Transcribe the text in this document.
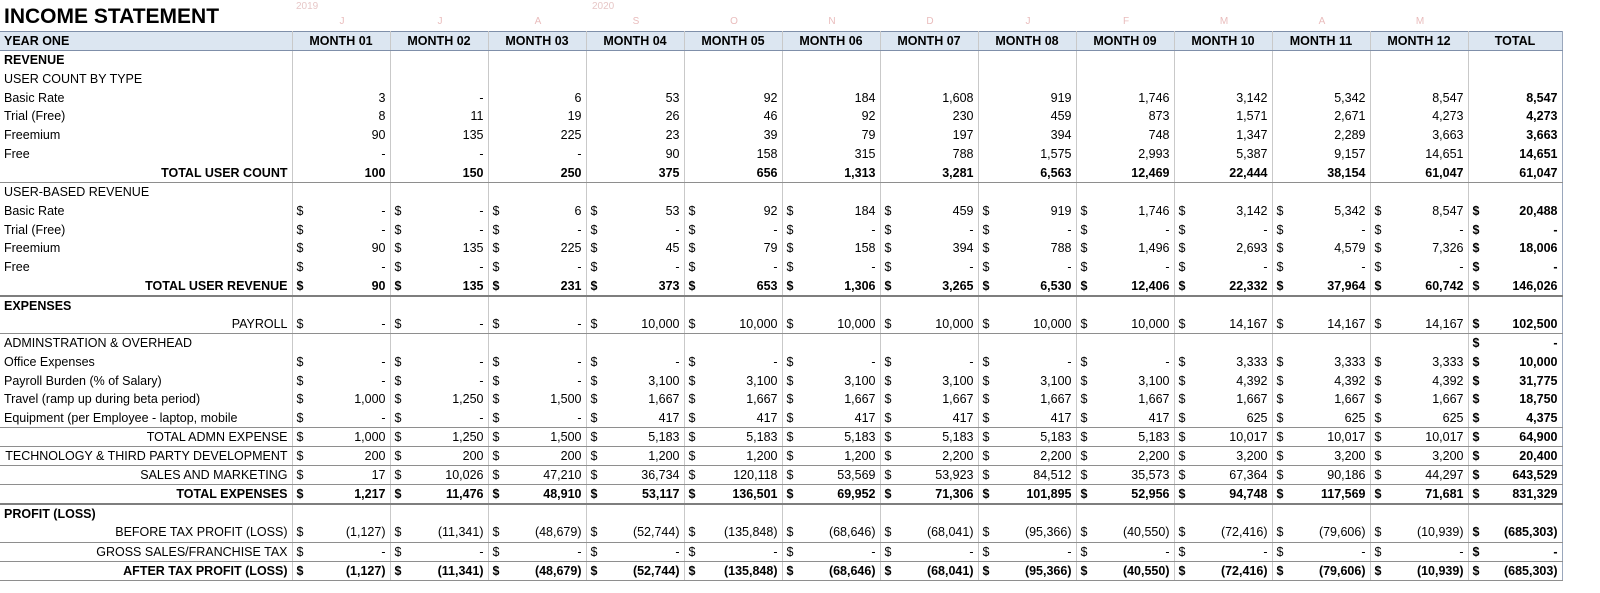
INCOME STATEMENT	2019	2020
J	J	A	S	O	N	D	J	F	M	A	M
YEAR ONE	MONTH 01	MONTH 02	MONTH 03	MONTH 04	MONTH 05	MONTH 06	MONTH 07	MONTH 08	MONTH 09	MONTH 10	MONTH 11	MONTH 12	TOTAL
REVENUE													
USER COUNT BY TYPE													
Basic Rate	3	-	6	53	92	184	1,608	919	1,746	3,142	5,342	8,547	8,547

Trial (Free)	8	11	19	26	46	92	230	459	873	1,571	2,671	4,273	4,273

Freemium	90	135	225	23	39	79	197	394	748	1,347	2,289	3,663	3,663

Free	-	-	-	90	158	315	788	1,575	2,993	5,387	9,157	14,651	14,651

TOTAL USER COUNT	100	150	250	375	656	1,313	3,281	6,563	12,469	22,444	38,154	61,047	61,047

USER-BASED REVENUE													
Basic Rate	$ -	$ -	$ 6	$ 53	$ 92	$ 184	$ 459	$ 919	$ 1,746	$ 3,142	$ 5,342	$ 8,547	$ 20,488

Trial (Free)	$ -	$ -	$ -	$ -	$ -	$ -	$ -	$ -	$ -	$ -	$ -	$ -	$ -

Freemium	$ 90	$ 135	$ 225	$ 45	$ 79	$ 158	$ 394	$ 788	$ 1,496	$ 2,693	$ 4,579	$ 7,326	$ 18,006

Free	$ -	$ -	$ -	$ -	$ -	$ -	$ -	$ -	$ -	$ -	$ -	$ -	$ -

TOTAL USER REVENUE	$ 90	$ 135	$ 231	$ 373	$ 653	$ 1,306	$ 3,265	$ 6,530	$ 12,406	$ 22,332	$ 37,964	$ 60,742	$ 146,026

EXPENSES													
PAYROLL	$ -	$ -	$ -	$ 10,000	$ 10,000	$ 10,000	$ 10,000	$ 10,000	$ 10,000	$ 14,167	$ 14,167	$ 14,167	$ 102,500

ADMINSTRATION & OVERHEAD													$ -

Office Expenses	$ -	$ -	$ -	$ -	$ -	$ -	$ -	$ -	$ -	$ 3,333	$ 3,333	$ 3,333	$ 10,000

Payroll Burden (% of Salary)	$ -	$ -	$ -	$ 3,100	$ 3,100	$ 3,100	$ 3,100	$ 3,100	$ 3,100	$ 4,392	$ 4,392	$ 4,392	$ 31,775

Travel (ramp up during beta period)	$ 1,000	$ 1,250	$ 1,500	$ 1,667	$ 1,667	$ 1,667	$ 1,667	$ 1,667	$ 1,667	$ 1,667	$ 1,667	$ 1,667	$ 18,750

Equipment (per Employee - laptop, mobile	$ -	$ -	$ -	$ 417	$ 417	$ 417	$ 417	$ 417	$ 417	$ 625	$ 625	$ 625	$ 4,375

TOTAL ADMN EXPENSE	$ 1,000	$ 1,250	$ 1,500	$ 5,183	$ 5,183	$ 5,183	$ 5,183	$ 5,183	$ 5,183	$ 10,017	$ 10,017	$ 10,017	$ 64,900

TECHNOLOGY & THIRD PARTY DEVELOPMENT	$ 200	$ 200	$ 200	$ 1,200	$ 1,200	$ 1,200	$ 2,200	$ 2,200	$ 2,200	$ 3,200	$ 3,200	$ 3,200	$ 20,400

SALES AND MARKETING	$ 17	$ 10,026	$ 47,210	$ 36,734	$ 120,118	$ 53,569	$ 53,923	$ 84,512	$ 35,573	$ 67,364	$ 90,186	$ 44,297	$ 643,529

TOTAL EXPENSES	$ 1,217	$ 11,476	$ 48,910	$ 53,117	$ 136,501	$ 69,952	$ 71,306	$ 101,895	$ 52,956	$ 94,748	$ 117,569	$ 71,681	$ 831,329

PROFIT (LOSS)													
BEFORE TAX PROFIT (LOSS)	$ (1,127)	$ (11,341)	$ (48,679)	$ (52,744)	$ (135,848)	$ (68,646)	$ (68,041)	$ (95,366)	$ (40,550)	$ (72,416)	$ (79,606)	$ (10,939)	$ (685,303)

GROSS SALES/FRANCHISE TAX	$ -	$ -	$ -	$ -	$ -	$ -	$ -	$ -	$ -	$ -	$ -	$ -	$ -

AFTER TAX PROFIT (LOSS)	$ (1,127)	$ (11,341)	$ (48,679)	$ (52,744)	$ (135,848)	$ (68,646)	$ (68,041)	$ (95,366)	$ (40,550)	$ (72,416)	$ (79,606)	$ (10,939)	$ (685,303)
